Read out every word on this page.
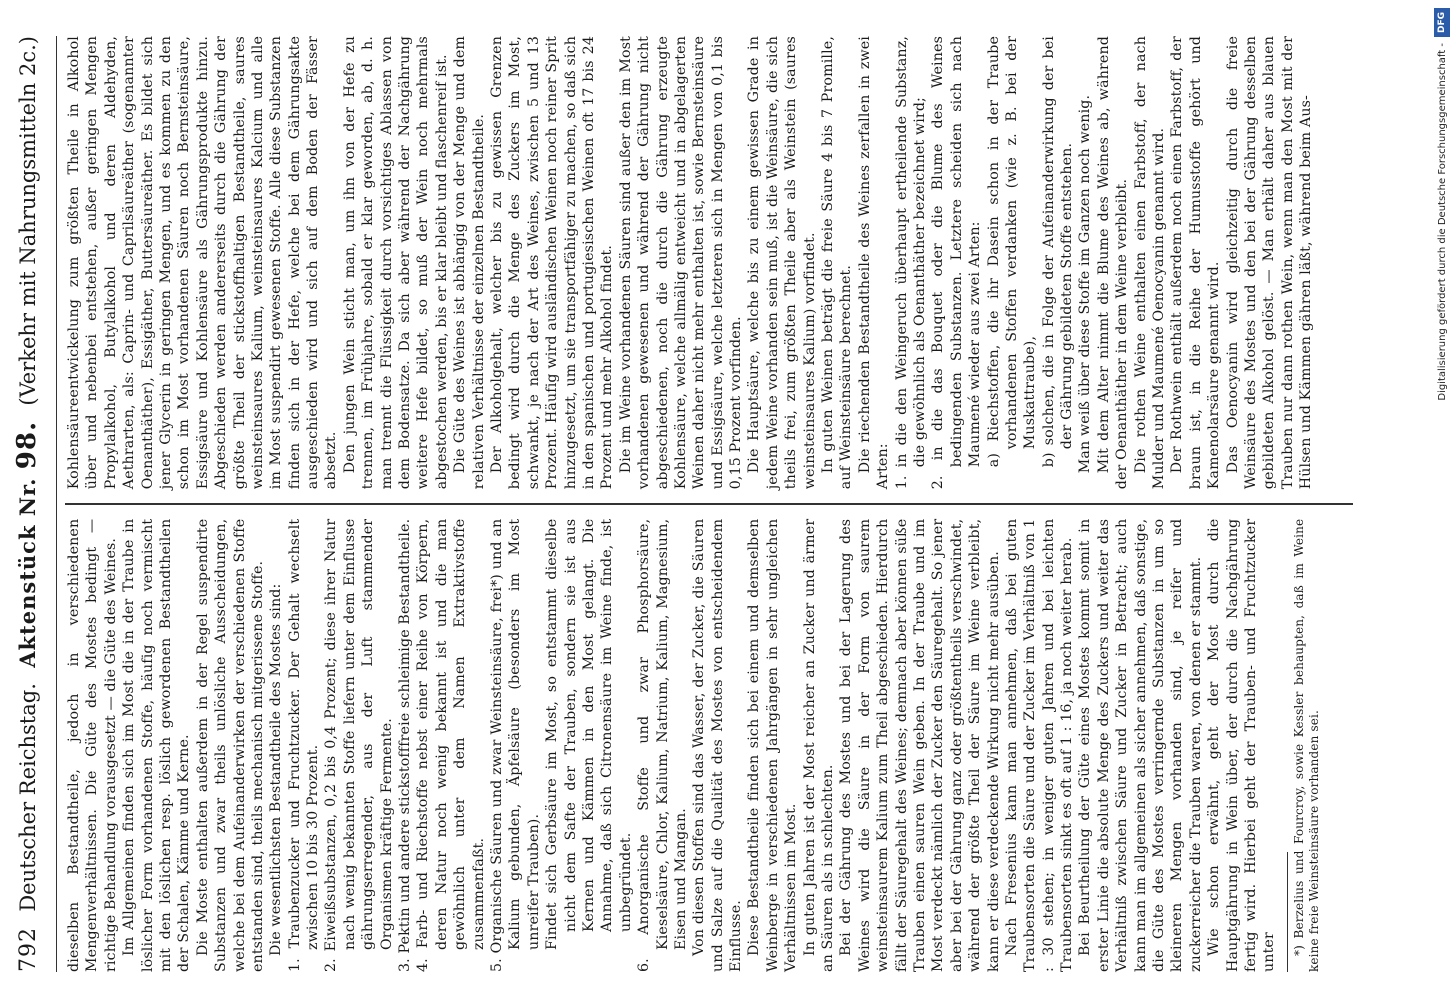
792
Deutscher Reichstag.
Aktenstück Nr. 98.
(Verkehr mit Nahrungsmitteln 2c.)

dieselben Bestandtheile, jedoch in verschiedenen Mengenverhältnissen. Die Güte des Mostes bedingt — richtige Behandlung vorausgesetzt — die Güte des Weines. Im Allgemeinen finden sich im Most die in der Traube in löslicher Form vorhandenen Stoffe, häufig noch vermischt mit den löslichen resp. löslich gewordenen Bestandtheilen der Schalen, Kämme und Kerne. Die Moste enthalten außerdem in der Regel suspendirte Substanzen und zwar theils unlösliche Ausscheidungen, welche bei dem Aufeinanderwirken der verschiedenen Stoffe entstanden sind, theils mechanisch mitgerissene Stoffe. Die wesentlichsten Bestandtheile des Mostes sind: 1. Traubenzucker und Fruchtzucker. Der Gehalt wechselt zwischen 10 bis 30 Prozent. 2. Eiweißsubstanzen, 0,2 bis 0,4 Prozent; diese ihrer Natur nach wenig bekannten Stoffe liefern unter dem Einflusse gährungserregender, aus der Luft stammender Organismen kräftige Fermente. 3. Pektin und andere stickstofffreie schleimige Bestandtheile. 4. Farb- und Riechstoffe nebst einer Reihe von Körpern, deren Natur noch wenig bekannt ist und die man gewöhnlich unter dem Namen Extraktivstoffe zusammenfaßt. 5. Organische Säuren und zwar Weinsteinsäure, frei*) und an Kalium gebunden, Äpfelsäure (besonders im Most unreifer Trauben). Findet sich Gerbsäure im Most, so entstammt dieselbe nicht dem Safte der Trauben, sondern sie ist aus Kernen und Kämmen in den Most gelangt. Die Annahme, daß sich Citronensäure im Weine finde, ist unbegründet. 6. Anorganische Stoffe und zwar Phosphorsäure, Kieselsäure, Chlor, Kalium, Natrium, Kalium, Magnesium, Eisen und Mangan. Von diesen Stoffen sind das Wasser, der Zucker, die Säuren und Salze auf die Qualität des Mostes von entscheidendem Einflusse. Diese Bestandtheile finden sich bei einem und demselben Weinberge in verschiedenen Jahrgängen in sehr ungleichen Verhältnissen im Most. In guten Jahren ist der Most reicher an Zucker und ärmer an Säuren als in schlechten. Bei der Gährung des Mostes und bei der Lagerung des Weines wird die Säure in der Form von saurem weinsteinsaurem Kalium zum Theil abgeschieden. Hierdurch fällt der Säuregehalt des Weines; demnach aber können süße Trauben einen sauren Wein geben. In der Traube und im Most verdeckt nämlich der Zucker den Säuregehalt. So jener aber bei der Gährung ganz oder größtentheils verschwindet, während der größte Theil der Säure im Weine verbleibt, kann er diese verdeckende Wirkung nicht mehr ausüben. Nach Fresenius kann man annehmen, daß bei guten Traubensorten die Säure und der Zucker im Verhältniß von 1 : 30 stehen; in weniger guten Jahren und bei leichten Traubensorten sinkt es oft auf 1 : 16, ja noch weiter herab. Bei Beurtheilung der Güte eines Mostes kommt somit in erster Linie die absolute Menge des Zuckers und weiter das Verhältniß zwischen Säure und Zucker in Betracht; auch kann man im allgemeinen als sicher annehmen, daß sonstige, die Güte des Mostes verringernde Substanzen in um so kleineren Mengen vorhanden sind, je reifer und zuckerreicher die Trauben waren, von denen er stammt. Wie schon erwähnt, geht der Most durch die Hauptgährung in Wein über, der durch die Nachgährung fertig wird. Hierbei geht der Trauben- und Fruchtzucker unter *) Berzelius und Fourcroy, sowie Kessler behaupten, daß im Weine keine freie Weinsteinsäure vorhanden sei.

Kohlensäureentwickelung zum größten Theile in Alkohol über und nebenbei entstehen, außer geringen Mengen Propylalkohol, Butylalkohol und deren Aldehyden, Aethrarten, als: Caprin- und Caprilsäureäther (sogenannter Oenanthäther), Essigäther, Buttersäureäther. Es bildet sich jener Glycerin in geringen Mengen, und es kommen zu den schon im Most vorhandenen Säuren noch Bernsteinsäure, Essigsäure und Kohlensäure als Gährungsprodukte hinzu. Abgeschieden werden andererseits durch die Gährung der größte Theil der stickstoffhaltigen Bestandtheile, saures weinsteinsaures Kalium, weinsteinsaures Kalcium und alle im Most suspendirt gewesenen Stoffe. Alle diese Substanzen finden sich in der Hefe, welche bei dem Gährungsakte ausgeschieden wird und sich auf dem Boden der Fässer absetzt. Den jungen Wein sticht man, um ihn von der Hefe zu trennen, im Frühjahre, sobald er klar geworden, ab, d. h. man trennt die Flüssigkeit durch vorsichtiges Ablassen von dem Bodensatze. Da sich aber während der Nachgährung weitere Hefe bildet, so muß der Wein noch mehrmals abgestochen werden, bis er klar bleibt und flaschenreif ist. Die Güte des Weines ist abhängig von der Menge und dem relativen Verhältnisse der einzelnen Bestandtheile. Der Alkoholgehalt, welcher bis zu gewissen Grenzen bedingt wird durch die Menge des Zuckers im Most, schwankt, je nach der Art des Weines, zwischen 5 und 13 Prozent. Häufig wird ausländischen Weinen noch reiner Sprit hinzugesetzt, um sie transportfähiger zu machen, so daß sich in den spanischen und portugiesischen Weinen oft 17 bis 24 Prozent und mehr Alkohol findet. Die im Weine vorhandenen Säuren sind außer den im Most vorhandenen gewesenen und während der Gährung nicht abgeschiedenen, noch die durch die Gährung erzeugte Kohlensäure, welche allmälig entweicht und in abgelagerten Weinen daher nicht mehr enthalten ist, sowie Bernsteinsäure und Essigsäure, welche letzteren sich in Mengen von 0,1 bis 0,15 Prozent vorfinden. Die Hauptsäure, welche bis zu einem gewissen Grade in jedem Weine vorhanden sein muß, ist die Weinsäure, die sich theils frei, zum größten Theile aber als Weinstein (saures weinsteinsaures Kalium) vorfindet. In guten Weinen beträgt die freie Säure 4 bis 7 Promille, auf Weinsteinsäure berechnet. Die riechenden Bestandtheile des Weines zerfallen in zwei Arten: 1. in die den Weingeruch überhaupt ertheilende Substanz, die gewöhnlich als Oenanthäther bezeichnet wird; 2. in die das Bouquet oder die Blume des Weines bedingenden Substanzen. Letztere scheiden sich nach Maumené wieder aus zwei Arten: a) Riechstoffen, die ihr Dasein schon in der Traube vorhandenen Stoffen verdanken (wie z. B. bei der Muskattraube), b) solchen, die in Folge der Aufeinanderwirkung der bei der Gährung gebildeten Stoffe entstehen. Man weiß über diese Stoffe im Ganzen noch wenig. Mit dem Alter nimmt die Blume des Weines ab, während der Oenanthäther in dem Weine verbleibt. Die rothen Weine enthalten einen Farbstoff, der nach Mulder und Maumené Oenocyanin genannt wird. Der Rothwein enthält außerdem noch einen Farbstoff, der braun ist, in die Reihe der Humusstoffe gehört und Kamenolarsäure genannt wird. Das Oenocyanin wird gleichzeitig durch die freie Weinsäure des Mostes und den bei der Gährung desselben gebildeten Alkohol gelöst. — Man erhält daher aus blauen Trauben nur dann rothen Wein, wenn man den Most mit der Hülsen und Kämmen gähren läßt, während beim Aus-	Digitalisierung gefördert durch die Deutsche Forschungsgemeinschaft -DFG
